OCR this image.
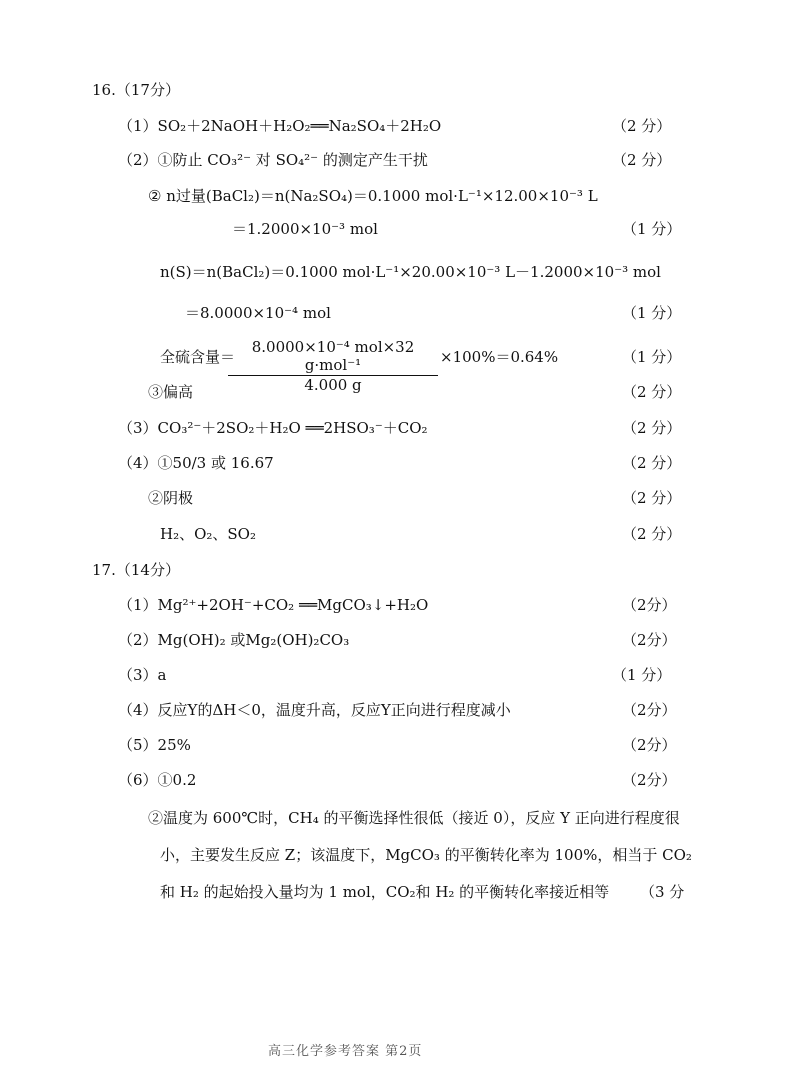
16.（17分）
（1）SO₂＋2NaOH＋H₂O₂══Na₂SO₄＋2H₂O	（2 分）
（2）①防止 CO₃²⁻ 对 SO₄²⁻ 的测定产生干扰	（2 分）
② n过量(BaCl₂)＝n(Na₂SO₄)＝0.1000 mol·L⁻¹×12.00×10⁻³ L
＝1.2000×10⁻³ mol	（1 分）
n(S)＝n(BaCl₂)＝0.1000 mol·L⁻¹×20.00×10⁻³ L－1.2000×10⁻³ mol
＝8.0000×10⁻⁴ mol	（1 分）
全硫含量＝
8.0000×10⁻⁴ mol×32 g·mol⁻¹
4.000 g
×100%＝0.64%	（1 分）
③偏高	（2 分）
（3）CO₃²⁻＋2SO₂＋H₂O ══2HSO₃⁻＋CO₂	（2 分）
（4）①50/3 或 16.67	（2 分）
②阴极	（2 分）
H₂、O₂、SO₂	（2 分）
17.（14分）
（1）Mg²⁺+2OH⁻+CO₂ ══MgCO₃↓+H₂O	（2分）
（2）Mg(OH)₂ 或Mg₂(OH)₂CO₃	（2分）
（3）a	（1 分）
（4）反应Y的ΔH＜0，温度升高，反应Y正向进行程度减小	（2分）
（5）25%	（2分）
（6）①0.2	（2分）
②温度为 600℃时，CH₄ 的平衡选择性很低（接近 0），反应 Y 正向进行程度很
小，主要发生反应 Z；该温度下，MgCO₃ 的平衡转化率为 100%，相当于 CO₂
和 H₂ 的起始投入量均为 1 mol，CO₂和 H₂ 的平衡转化率接近相等 （3 分
高三化学参考答案 第2页
